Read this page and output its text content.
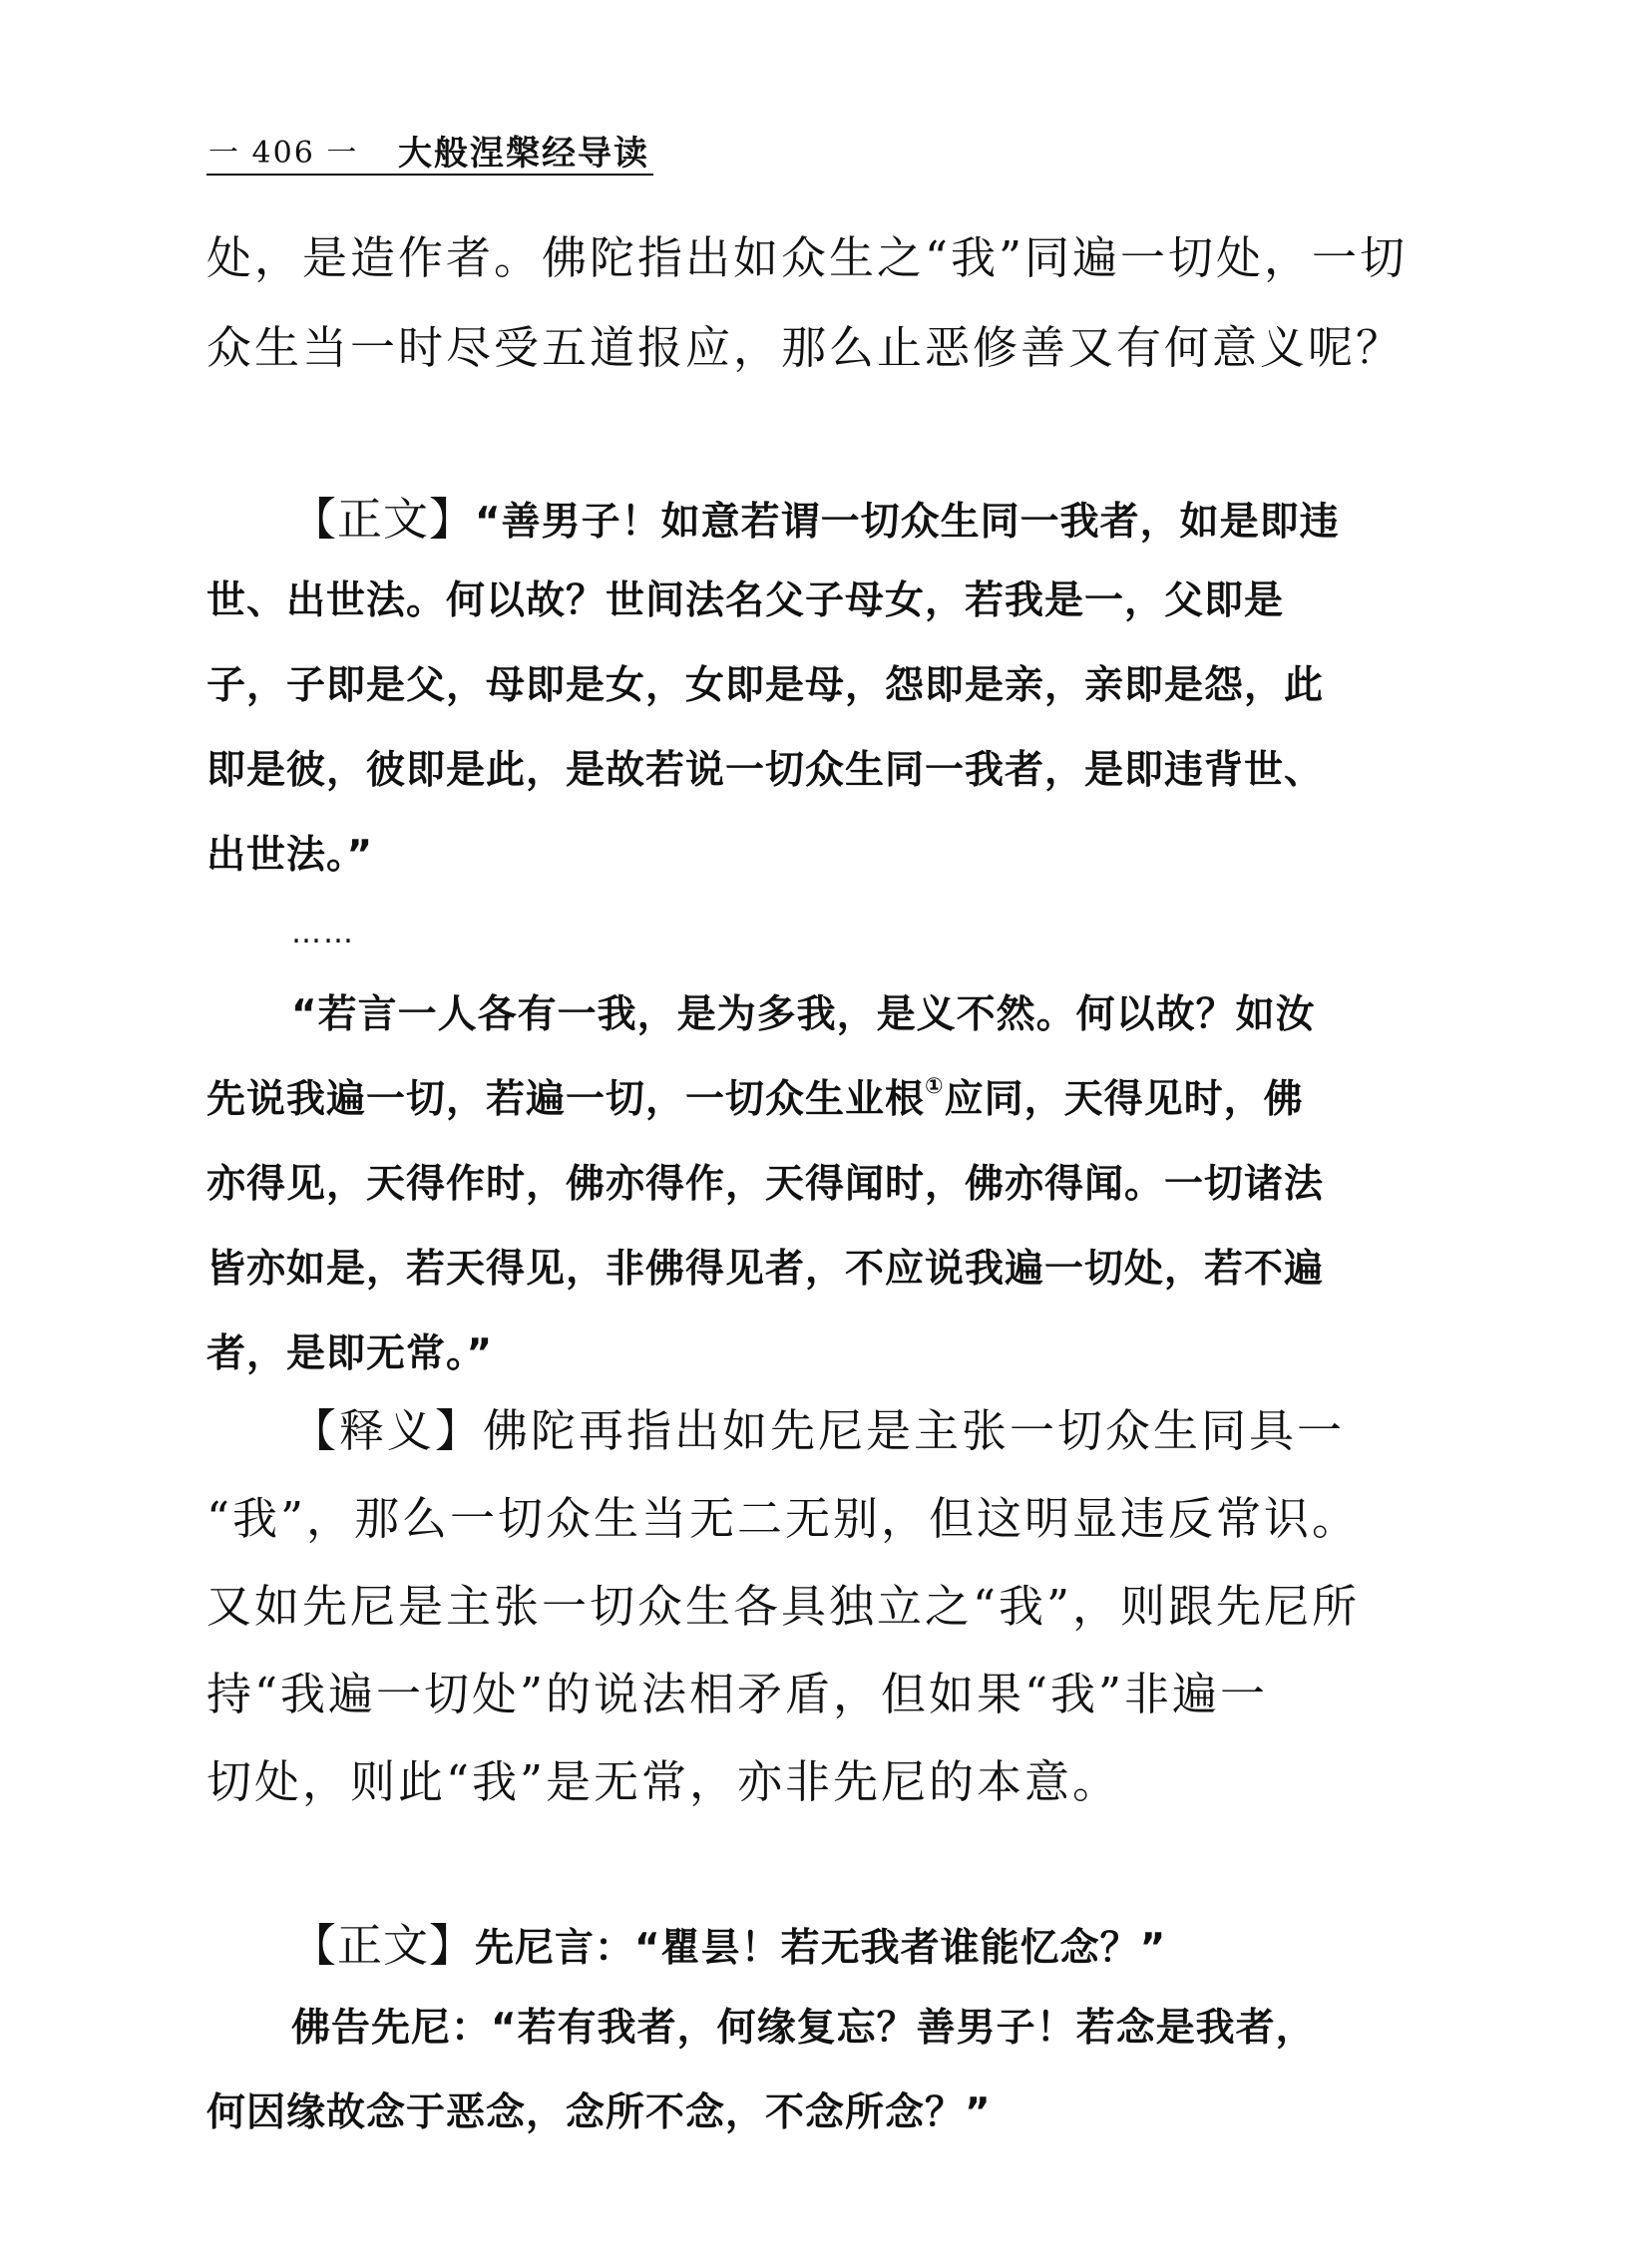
一 406 一 大般涅槃经导读
处，是造作者。佛陀指出如众生之“我”同遍一切处，一切
众生当一时尽受五道报应，那么止恶修善又有何意义呢？
【正文】“善男子！如意若谓一切众生同一我者，如是即违
世、出世法。何以故？世间法名父子母女，若我是一，父即是
子，子即是父，母即是女，女即是母，怨即是亲，亲即是怨，此
即是彼，彼即是此，是故若说一切众生同一我者，是即违背世、
出世法。”
……
“若言一人各有一我，是为多我，是义不然。何以故？如汝
先说我遍一切，若遍一切，一切众生业根①应同，天得见时，佛
亦得见，天得作时，佛亦得作，天得闻时，佛亦得闻。一切诸法
皆亦如是，若天得见，非佛得见者，不应说我遍一切处，若不遍
者，是即无常。”
【释义】佛陀再指出如先尼是主张一切众生同具一
“我”，那么一切众生当无二无别，但这明显违反常识。
又如先尼是主张一切众生各具独立之“我”，则跟先尼所
持“我遍一切处”的说法相矛盾，但如果“我”非遍一
切处，则此“我”是无常，亦非先尼的本意。
【正文】先尼言：“瞿昙！若无我者谁能忆念？”
佛告先尼：“若有我者，何缘复忘？善男子！若念是我者，
何因缘故念于恶念，念所不念，不念所念？”
